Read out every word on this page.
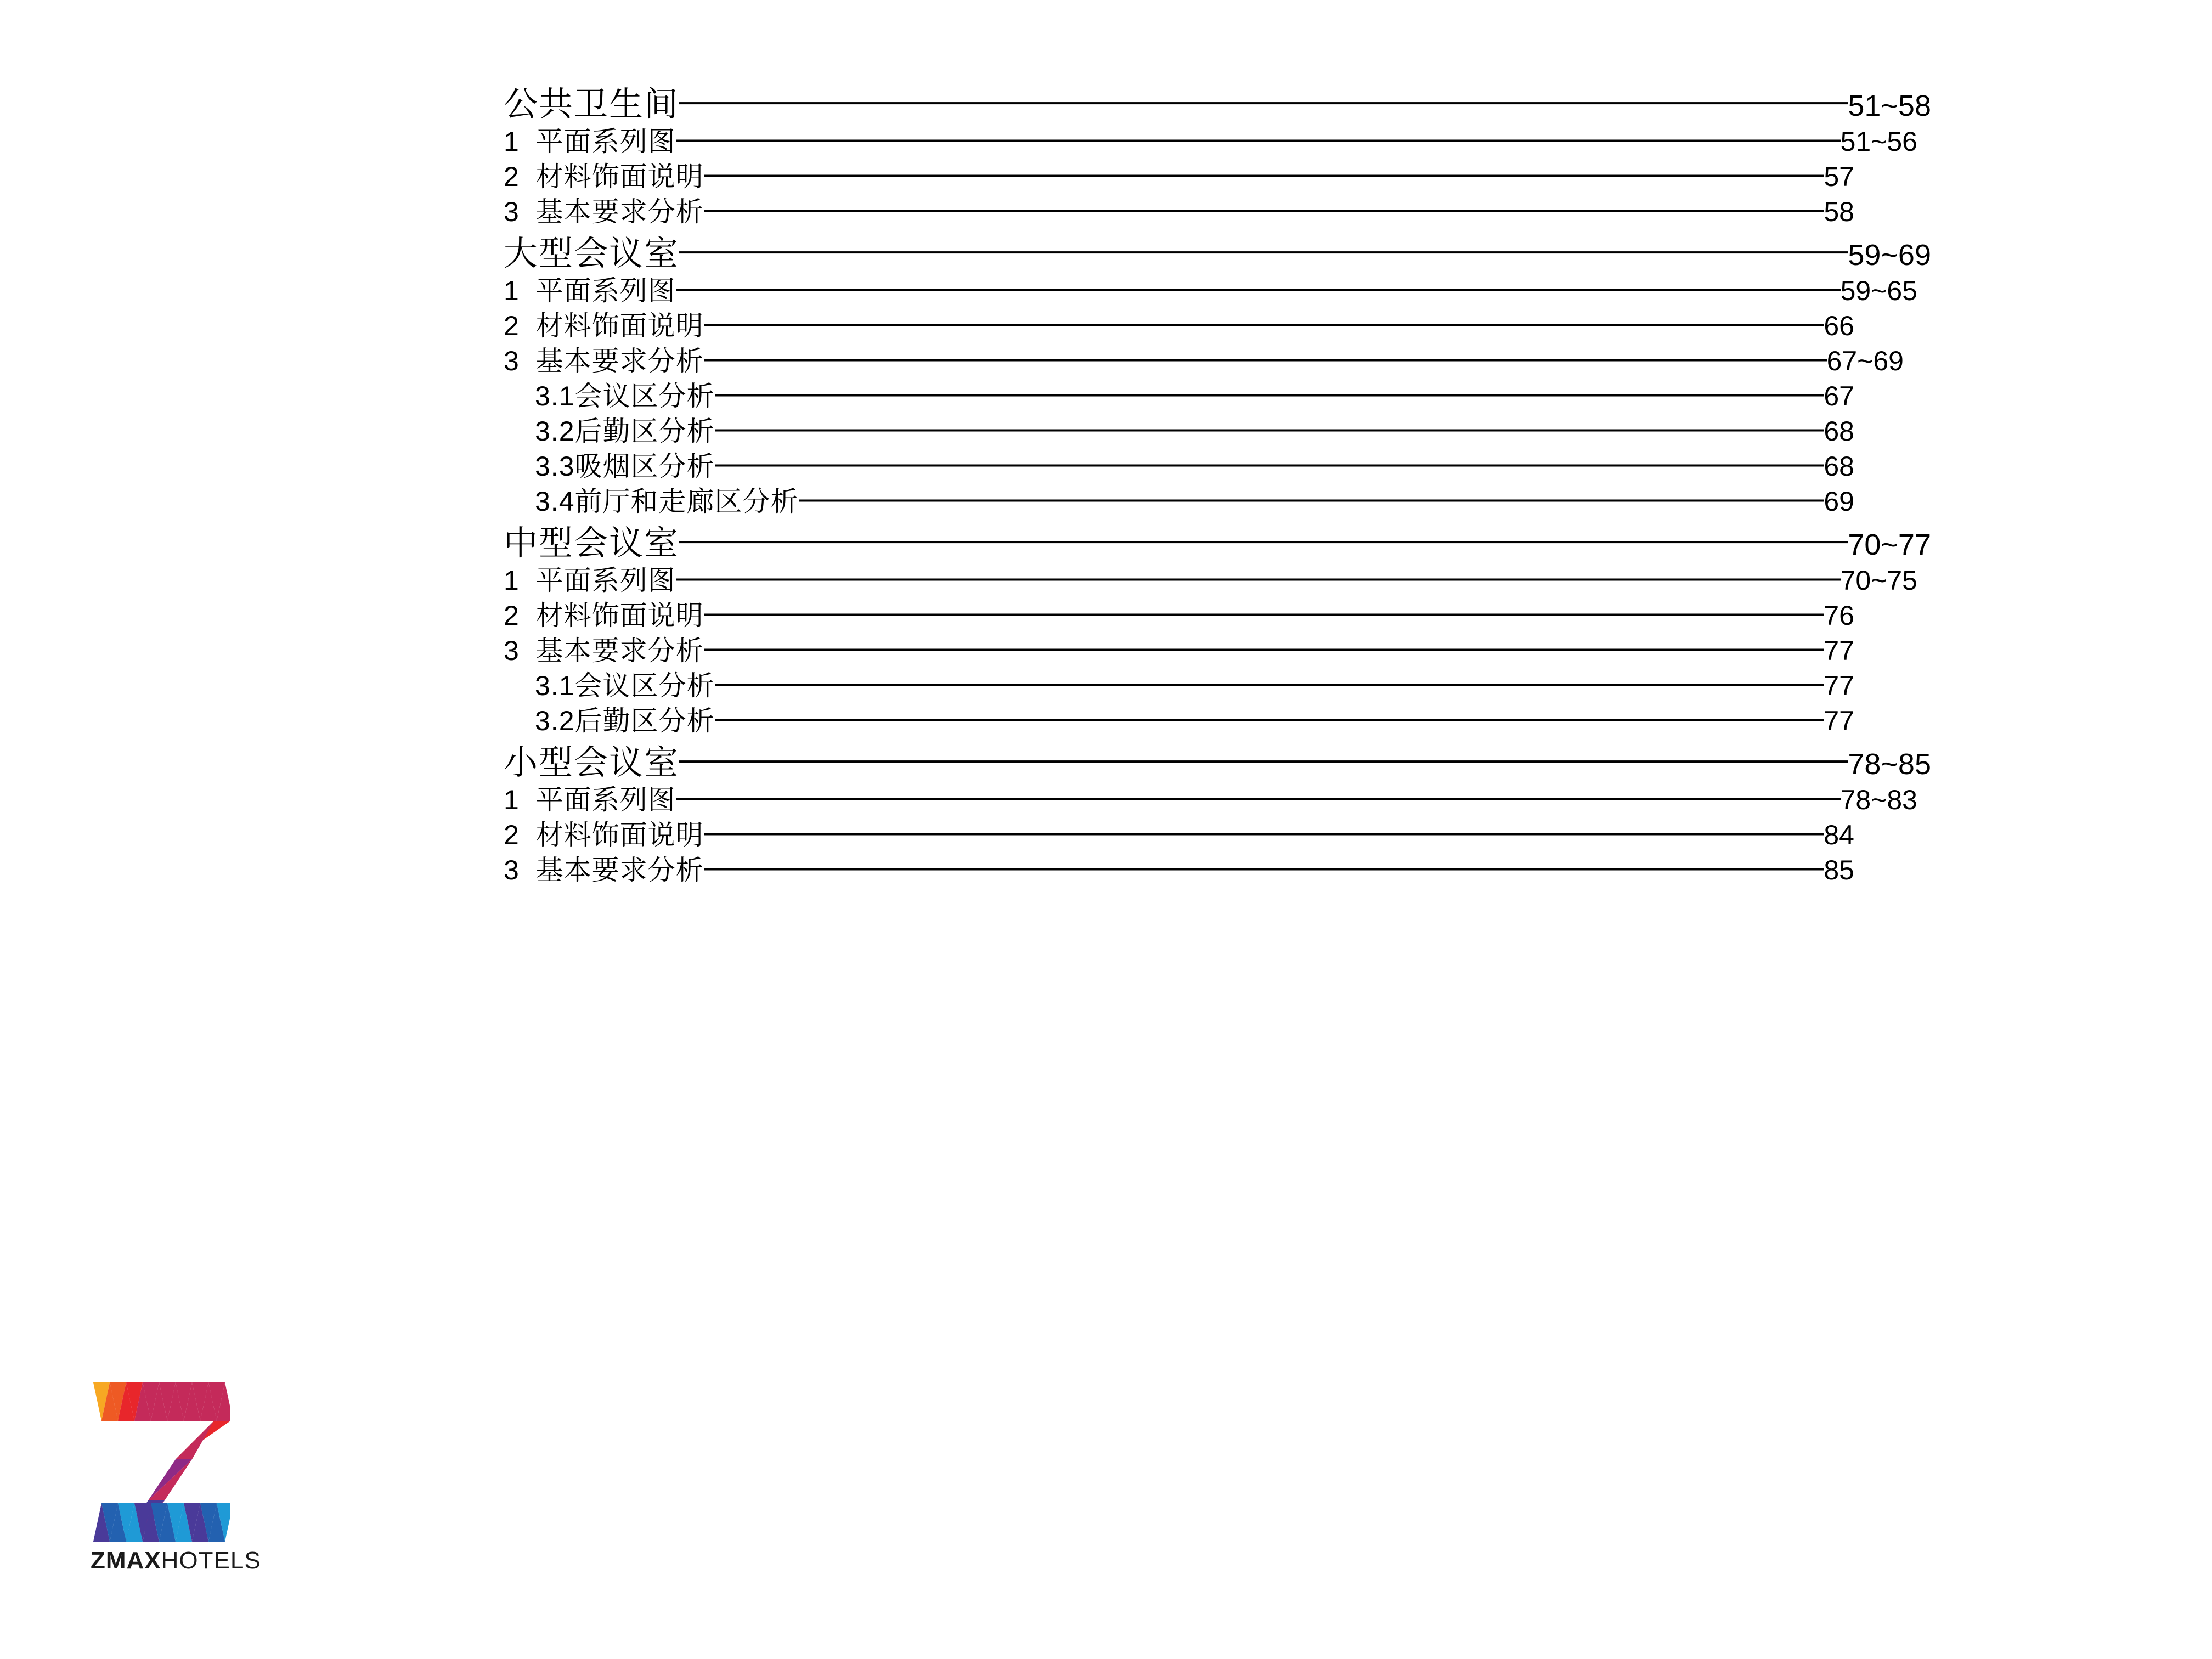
公共卫生间	51~58
1  平面系列图	51~56
2  材料饰面说明	57
3  基本要求分析	58
大型会议室	59~69
1  平面系列图	59~65
2  材料饰面说明	66
3  基本要求分析	67~69
3.1会议区分析	67
3.2后勤区分析	68
3.3吸烟区分析	68
3.4前厅和走廊区分析	69
中型会议室	70~77
1  平面系列图	70~75
2  材料饰面说明	76
3  基本要求分析	77
3.1会议区分析	77
3.2后勤区分析	77
小型会议室	78~85
1  平面系列图	78~83
2  材料饰面说明	84
3  基本要求分析	85
ZMAXHOTELS
